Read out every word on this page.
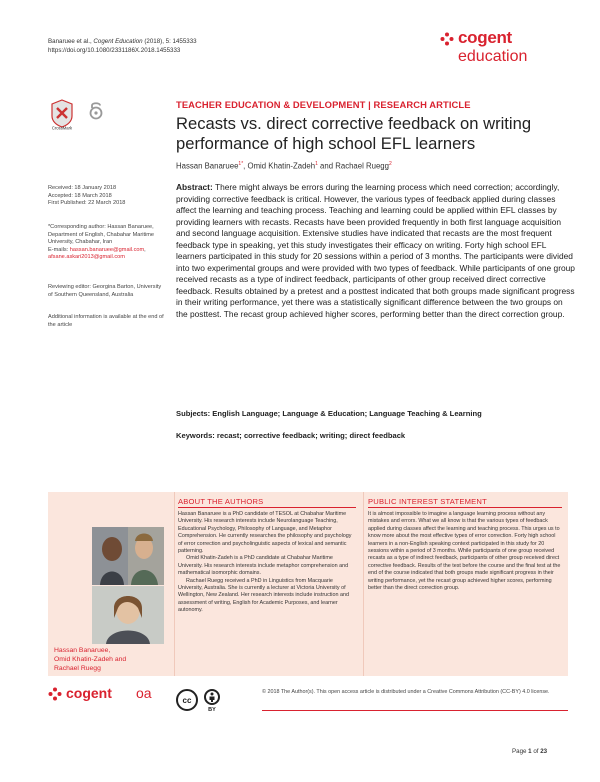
Banaruee et al., Cogent Education (2018), 5: 1455333
https://doi.org/10.1080/2331186X.2018.1455333
cogent
education
CrossMark
TEACHER EDUCATION & DEVELOPMENT | RESEARCH ARTICLE
Recasts vs. direct corrective feedback on writing performance of high school EFL learners
Hassan Banaruee$^{1*}$, Omid Khatin-Zadeh$^1$ and Rachael Ruegg$^2$
Received: 18 January 2018
Accepted: 18 March 2018
First Published: 22 March 2018
*Corresponding author: Hassan Banaruee, Department of English, Chabahar Maritime University, Chabahar, Iran
E-mails: hassan.banaruee@gmail.com,
afsane.askari2013@gmail.com
Reviewing editor: Georgina Barton, University of Southern Queensland, Australia
Additional information is available at the end of the article
Abstract: There might always be errors during the learning process which need correction; accordingly, providing corrective feedback is critical. However, the various types of feedback applied during classes affect the learning and teaching process. Teaching and learning could be applied within EFL classes by providing learners with recasts. Recasts have been provided frequently in both first language acquisition and second language acquisition. Extensive studies have indicated that recasts are the most frequent feedback type in speaking, yet this study investigates their efficacy on writing. Forty high school EFL learners participated in this study for 20 sessions within a period of 3 months. The participants were divided into two experimental groups and were provided with two types of feedback. While participants of one group received recasts as a type of indirect feedback, participants of other group received direct corrective feedback. Results obtained by a pretest and a posttest indicated that both groups made significant progress in their writing performance, yet there was a statistically significant difference between the two groups on the posttest. The recast group achieved higher scores, performing better than the direct correction group.
Subjects: English Language; Language & Education; Language Teaching & Learning
Keywords: recast; corrective feedback; writing; direct feedback
ABOUT THE AUTHORS	PUBLIC INTEREST STATEMENT
Hassan Banaruee,
Omid Khatin-Zadeh and
Rachael Ruegg

Hassan Banaruee is a PhD candidate of TESOL at Chabahar Maritime University. His research interests include Neurolanguage Teaching, Educational Psychology, Philosophy of Language, and Metaphor Comprehension. He currently researches the philosophy and psychology of error correction and psycholinguistic aspects of lexical and semantic patterning.

Omid Khatin-Zadeh is a PhD candidate at Chabahar Maritime University. His research interests include metaphor comprehension and mathematical isomorphic domains.

Rachael Ruegg received a PhD in Linguistics from Macquarie University, Australia. She is currently a lecturer at Victoria University of Wellington, New Zealand. Her research interests include instruction and assessment of writing, English for Academic Purposes, and learner autonomy.

It is almost impossible to imagine a language learning process without any mistakes and errors. What we all know is that the various types of feedback applied during classes affect the learning and teaching process. This urges us to know more about the most effective types of error correction. Forty high school learners in a non-English speaking context participated in this study for 20 sessions within a period of 3 months. While participants of one group received recasts as a type of indirect feedback, participants of other group received direct corrective feedback. Results of the test before the course and the final test at the end of the course indicated that both groups made significant progress in their writing performance, yet the recast group achieved higher scores, performing better than the direct correction group.
cogent oa	cc
BY
© 2018 The Author(s). This open access article is distributed under a Creative Commons Attribution (CC-BY) 4.0 license.
Page 1 of 23
